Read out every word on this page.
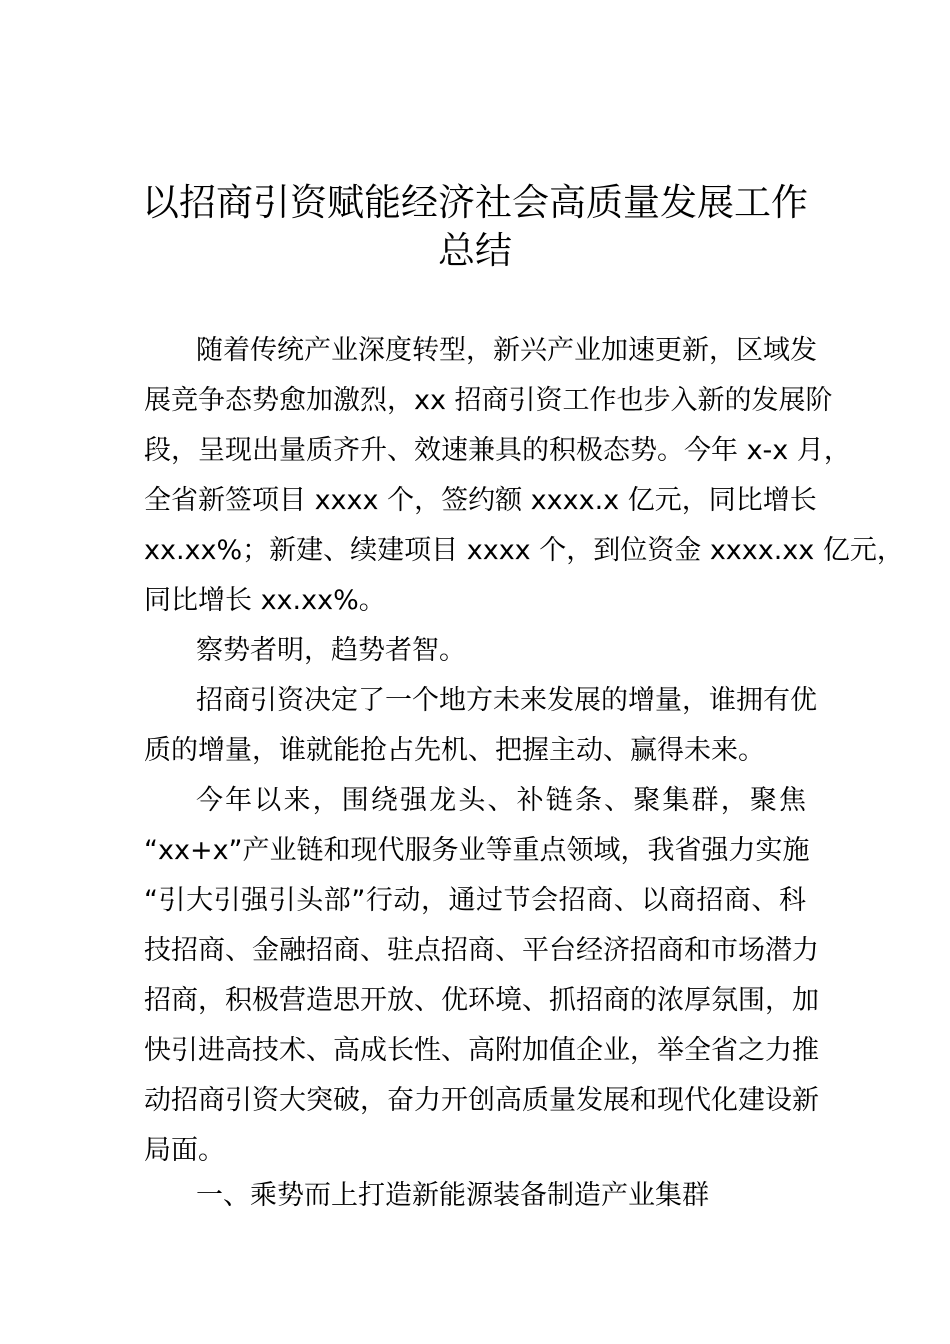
以招商引资赋能经济社会高质量发展工作
总结

随着传统产业深度转型，新兴产业加速更新，区域发

展竞争态势愈加激烈，xx 招商引资工作也步入新的发展阶

段，呈现出量质齐升、效速兼具的积极态势。今年 x-x 月，

全省新签项目 xxxx 个，签约额 xxxx.x 亿元，同比增长

xx.xx%；新建、续建项目 xxxx 个，到位资金 xxxx.xx 亿元，

同比增长 xx.xx%。

察势者明，趋势者智。

招商引资决定了一个地方未来发展的增量，谁拥有优

质的增量，谁就能抢占先机、把握主动、赢得未来。

今年以来，围绕强龙头、补链条、聚集群，聚焦

“xx+x”产业链和现代服务业等重点领域，我省强力实施

“引大引强引头部”行动，通过节会招商、以商招商、科

技招商、金融招商、驻点招商、平台经济招商和市场潜力

招商，积极营造思开放、优环境、抓招商的浓厚氛围，加

快引进高技术、高成长性、高附加值企业，举全省之力推

动招商引资大突破，奋力开创高质量发展和现代化建设新

局面。

一、乘势而上打造新能源装备制造产业集群
